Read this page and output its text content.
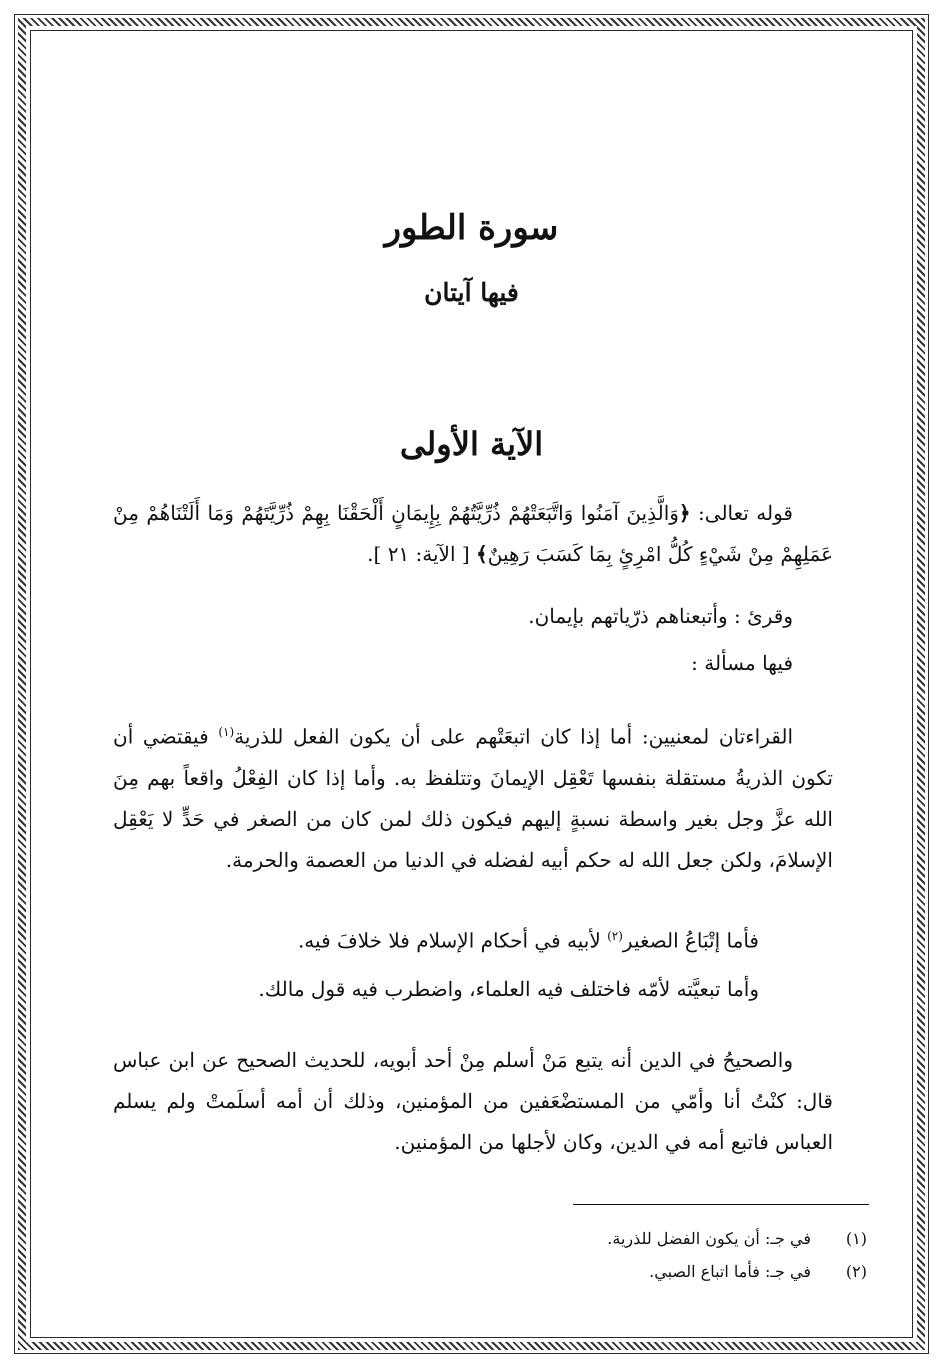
سورة الطور
فيها آيتان
الآية الأولى
قوله تعالى: ﴿وَالَّذِينَ آمَنُوا وَاتَّبَعَتْهُمْ ذُرِّيَّتُهُمْ بِإِيمَانٍ أَلْحَقْنَا بِهِمْ ذُرِّيَّتَهُمْ وَمَا أَلَتْنَاهُمْ مِنْ عَمَلِهِمْ مِنْ شَيْءٍ كُلُّ امْرِئٍ بِمَا كَسَبَ رَهِينٌ﴾ [ الآية: ٢١ ].
وقرئ : وأتبعناهم ذرّياتهم بإيمان.
فيها مسألة :
القراءتان لمعنيين: أما إذا كان اتبعَتْهم على أن يكون الفعل للذرية$^{(١)}$ فيقتضي أن تكون الذريةُ مستقلة بنفسها تَعْقِل الإيمانَ وتتلفظ به. وأما إذا كان الفِعْلُ واقعاً بهم مِنَ الله عزَّ وجل بغير واسطة نسبةٍ إليهم فيكون ذلك لمن كان من الصغر في حَدٍّ لا يَعْقِل الإسلامَ، ولكن جعل الله له حكم أبيه لفضله في الدنيا من العصمة والحرمة.
فأما إتْبَاعُ الصغير$^{(٢)}$ لأبيه في أحكام الإسلام فلا خلافَ فيه.
وأما تبعيَّته لأمّه فاختلف فيه العلماء، واضطرب فيه قول مالك.
والصحيحُ في الدين أنه يتبع مَنْ أسلم مِنْ أحد أبويه، للحديث الصحيح عن ابن عباس قال: كنْتُ أنا وأمّي من المستضْعَفين من المؤمنين، وذلك أن أمه أسلَمتْ ولم يسلم العباس فاتبع أمه في الدين، وكان لأجلها من المؤمنين.
(١)
في جـ: أن يكون الفضل للذرية.
(٢)
في جـ: فأما اتباع الصبي.
